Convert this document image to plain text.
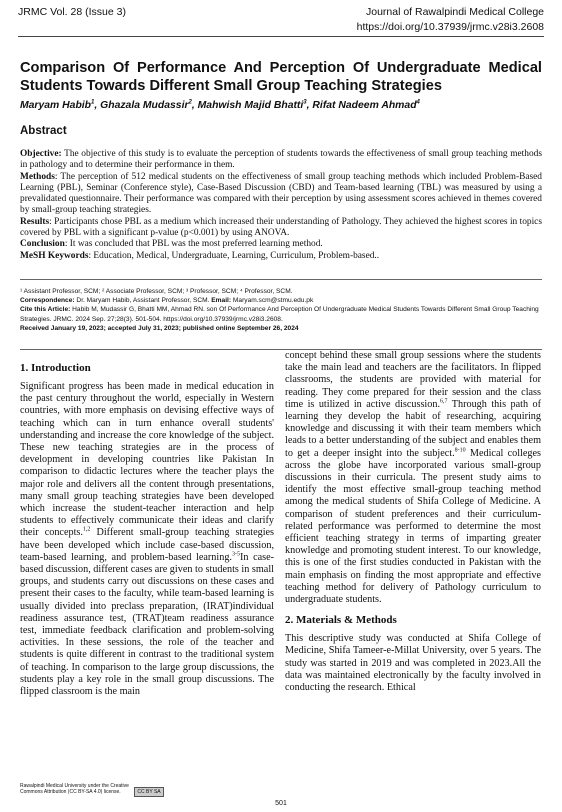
JRMC Vol. 28 (Issue 3)	Journal of Rawalpindi Medical College
https://doi.org/10.37939/jrmc.v28i3.2608
Comparison Of Performance And Perception Of Undergraduate Medical Students Towards Different Small Group Teaching Strategies
Maryam Habib$^1$, Ghazala Mudassir$^2$, Mahwish Majid Bhatti$^3$, Rifat Nadeem Ahmad$^4$
Abstract

Objective: The objective of this study is to evaluate the perception of students towards the effectiveness of small group teaching methods in pathology and to determine their performance in them.

Methods: The perception of 512 medical students on the effectiveness of small group teaching methods which included Problem-Based Learning (PBL), Seminar (Conference style), Case-Based Discussion (CBD) and Team-based learning (TBL) was measured by using a prevalidated questionnaire. Their performance was compared with their perception by using assessment scores achieved in themes covered by small-group teaching strategies.

Results: Participants chose PBL as a medium which increased their understanding of Pathology. They achieved the highest scores in topics covered by PBL with a significant p-value (p<0.001) by using ANOVA.

Conclusion: It was concluded that PBL was the most preferred learning method.

MeSH Keywords: Education, Medical, Undergraduate, Learning, Curriculum, Problem-based..

¹ Assistant Professor, SCM; ² Associate Professor, SCM; ³ Professor, SCM; ⁴ Professor, SCM.

Correspondence: Dr. Maryam Habib, Assistant Professor, SCM. Email: Maryam.scm@stmu.edu.pk

Cite this Article: Habib M, Mudassir G, Bhatti MM, Ahmad RN. son Of Performance And Perception Of Undergraduate Medical Students Towards Different Small Group Teaching Strategies. JRMC. 2024 Sep. 27;28(3). 501-504. https://doi.org/10.37939/jrmc.v28i3.2608.

Received January 19, 2023; accepted July 31, 2023; published online September 26, 2024

1. Introduction

Significant progress has been made in medical education in the past century throughout the world, especially in Western countries, with more emphasis on devising effective ways of teaching which can in turn enhance overall students' understanding and increase the core knowledge of the subject. These new teaching strategies are in the process of development in developing countries like Pakistan In comparison to didactic lectures where the teacher plays the major role and delivers all the content through presentations, many small group teaching strategies have been developed which increase the student-teacher interaction and help students to effectively communicate their ideas and clarify their concepts.$^{1,2}$ Different small-group teaching strategies have been developed which include case-based discussion, team-based learning, and problem-based learning.$^{3-5}$In case-based discussion, different cases are given to students in small groups, and students carry out discussions on these cases and present their cases to the faculty, while team-based learning is usually divided into preclass preparation, (IRAT)individual readiness assurance test, (TRAT)team readiness assurance test, immediate feedback clarification and problem-solving activities. In these sessions, the role of the teacher and students is quite different in contrast to the traditional system of teaching. In comparison to the large group discussions, the students play a key role in the small group discussions. The flipped classroom is the main

concept behind these small group sessions where the students take the main lead and teachers are the facilitators. In flipped classrooms, the students are provided with material for reading. They come prepared for their session and the class time is utilized in active discussion.$^{6,7}$ Through this path of learning they develop the habit of researching, acquiring knowledge and discussing it with their team members which leads to a better understanding of the subject and enables them to get a deeper insight into the subject.$^{8-10}$ Medical colleges across the globe have incorporated various small-group discussions in their curricula. The present study aims to identify the most effective small-group teaching method among the medical students of Shifa College of Medicine. A comparison of student preferences and their curriculum-related performance was performed to determine the most efficient teaching strategy in terms of imparting greater knowledge and promoting student interest. To our knowledge, this is one of the first studies conducted in Pakistan with the main emphasis on finding the most appropriate and effective teaching method for delivery of Pathology curriculum to undergraduate students.

2. Materials & Methods

This descriptive study was conducted at Shifa College of Medicine, Shifa Tameer-e-Millat University, over 5 years. The study was started in 2019 and was completed in 2023.All the data was maintained electronically by the faculty involved in conducting the research. Ethical

Rawalpindi Medical University under the Creative Commons Attribution (CC BY-SA 4.0) license.	CC BY SA
501
